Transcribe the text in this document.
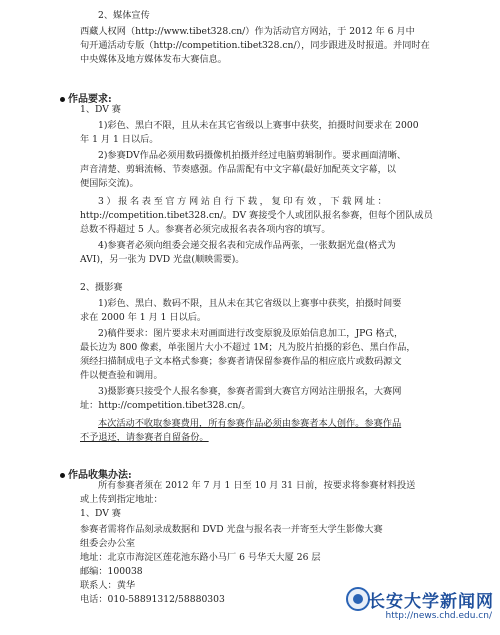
2、媒体宣传
西藏人权网（http://www.tibet328.cn/）作为活动官方网站，于 2012 年 6 月中
旬开通活动专版（http://competition.tibet328.cn/），同步跟进及时报道。并同时在
中央媒体及地方媒体发布大赛信息。
作品要求:
1、DV 赛
1)彩色、黑白不限，且从未在其它省级以上赛事中获奖，拍摄时间要求在 2000
年 1 月 1 日以后。
2)参赛DV作品必须用数码摄像机拍摄并经过电脑剪辑制作。要求画面清晰、
声音清楚、剪辑流畅、节奏感强。作品需配有中文字幕(最好加配英文字幕，以
便国际交流)。
3）报名表至官方网站自行下载，复印有效，下载网址：
http://competition.tibet328.cn/。DV 赛接受个人或团队报名参赛，但每个团队成员
总数不得超过 5 人。参赛者必须完成报名表各项内容的填写。
4)参赛者必须向组委会递交报名表和完成作品两张，一张数据光盘(格式为
AVI)，另一张为 DVD 光盘(顺映需要)。
2、摄影赛
1)彩色、黑白、数码不限，且从未在其它省级以上赛事中获奖，拍摄时间要
求在 2000 年 1 月 1 日以后。
2)稿件要求：图片要求未对画面进行改变原貌及原始信息加工，JPG 格式，
最长边为 800 像素，单张图片大小不超过 1M；凡为胶片拍摄的彩色、黑白作品，
须经扫描制成电子文本格式参赛；参赛者请保留参赛作品的相应底片或数码源文
件以便查验和调用。
3)摄影赛只接受个人报名参赛，参赛者需到大赛官方网站注册报名，大赛网
址：http://competition.tibet328.cn/。
本次活动不收取参赛费用，所有参赛作品必须由参赛者本人创作。参赛作品
不予退还，请参赛者自留备份。
作品收集办法:
所有参赛者须在 2012 年 7 月 1 日至 10 月 31 日前，按要求将参赛材料投送
或上传到指定地址：
1、DV 赛
参赛者需将作品刻录成数据和 DVD 光盘与报名表一并寄至大学生影像大赛
组委会办公室
地址：北京市海淀区莲花池东路小马厂 6 号华天大厦 26 层
邮编：100038
联系人：黄华
电话：010-58891312/58880303	长安大学新闻网
http://news.chd.edu.cn/
